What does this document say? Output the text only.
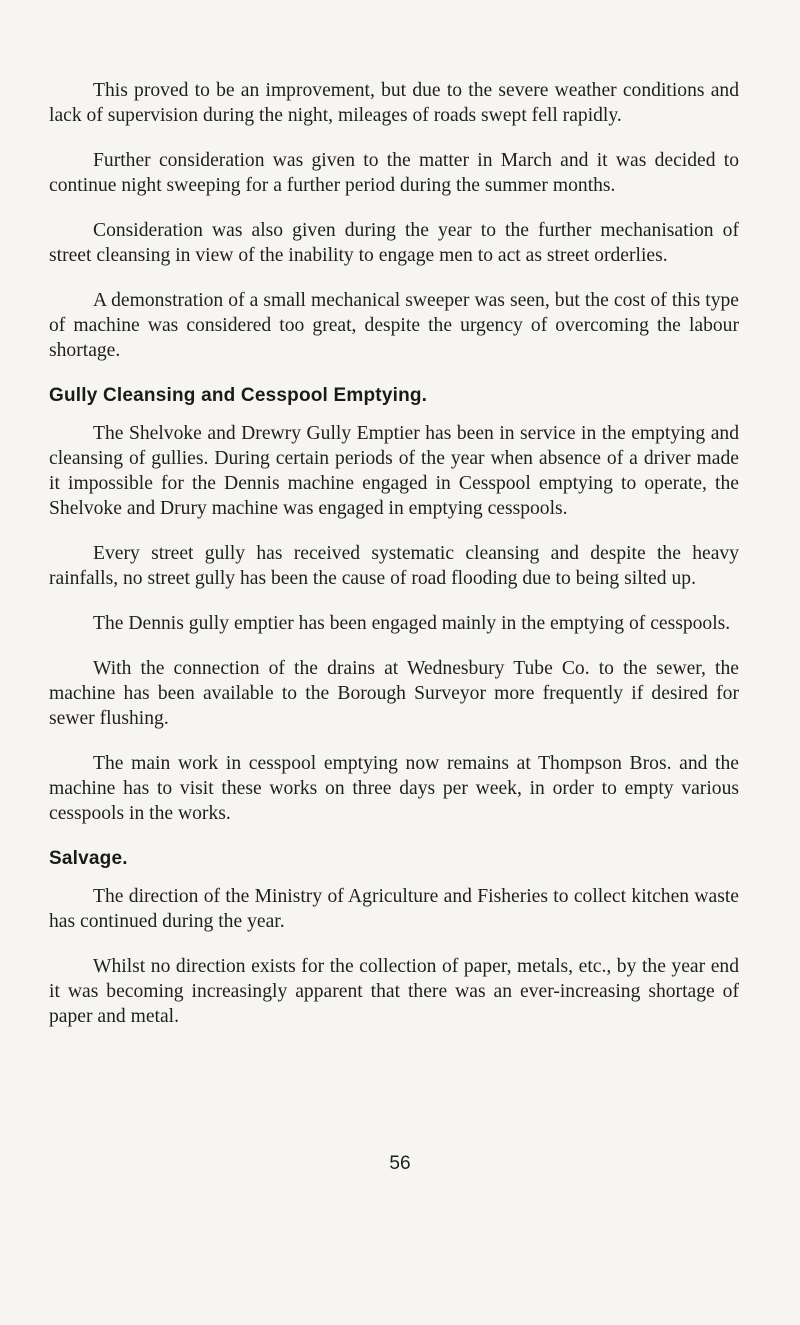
This proved to be an improvement, but due to the severe weather conditions and lack of supervision during the night, mileages of roads swept fell rapidly.

Further consideration was given to the matter in March and it was decided to continue night sweeping for a further period during the summer months.

Consideration was also given during the year to the further mechanisation of street cleansing in view of the inability to engage men to act as street orderlies.

A demonstration of a small mechanical sweeper was seen, but the cost of this type of machine was considered too great, despite the urgency of overcoming the labour shortage.

Gully Cleansing and Cesspool Emptying.

The Shelvoke and Drewry Gully Emptier has been in service in the emptying and cleansing of gullies. During certain periods of the year when absence of a driver made it impossible for the Dennis machine engaged in Cesspool emptying to operate, the Shelvoke and Drury machine was engaged in emptying cesspools.

Every street gully has received systematic cleansing and despite the heavy rainfalls, no street gully has been the cause of road flooding due to being silted up.

The Dennis gully emptier has been engaged mainly in the emptying of cesspools.

With the connection of the drains at Wednesbury Tube Co. to the sewer, the machine has been available to the Borough Surveyor more frequently if desired for sewer flushing.

The main work in cesspool emptying now remains at Thompson Bros. and the machine has to visit these works on three days per week, in order to empty various cesspools in the works.

Salvage.

The direction of the Ministry of Agriculture and Fisheries to collect kitchen waste has continued during the year.

Whilst no direction exists for the collection of paper, metals, etc., by the year end it was becoming increasingly apparent that there was an ever-increasing shortage of paper and metal.

56
